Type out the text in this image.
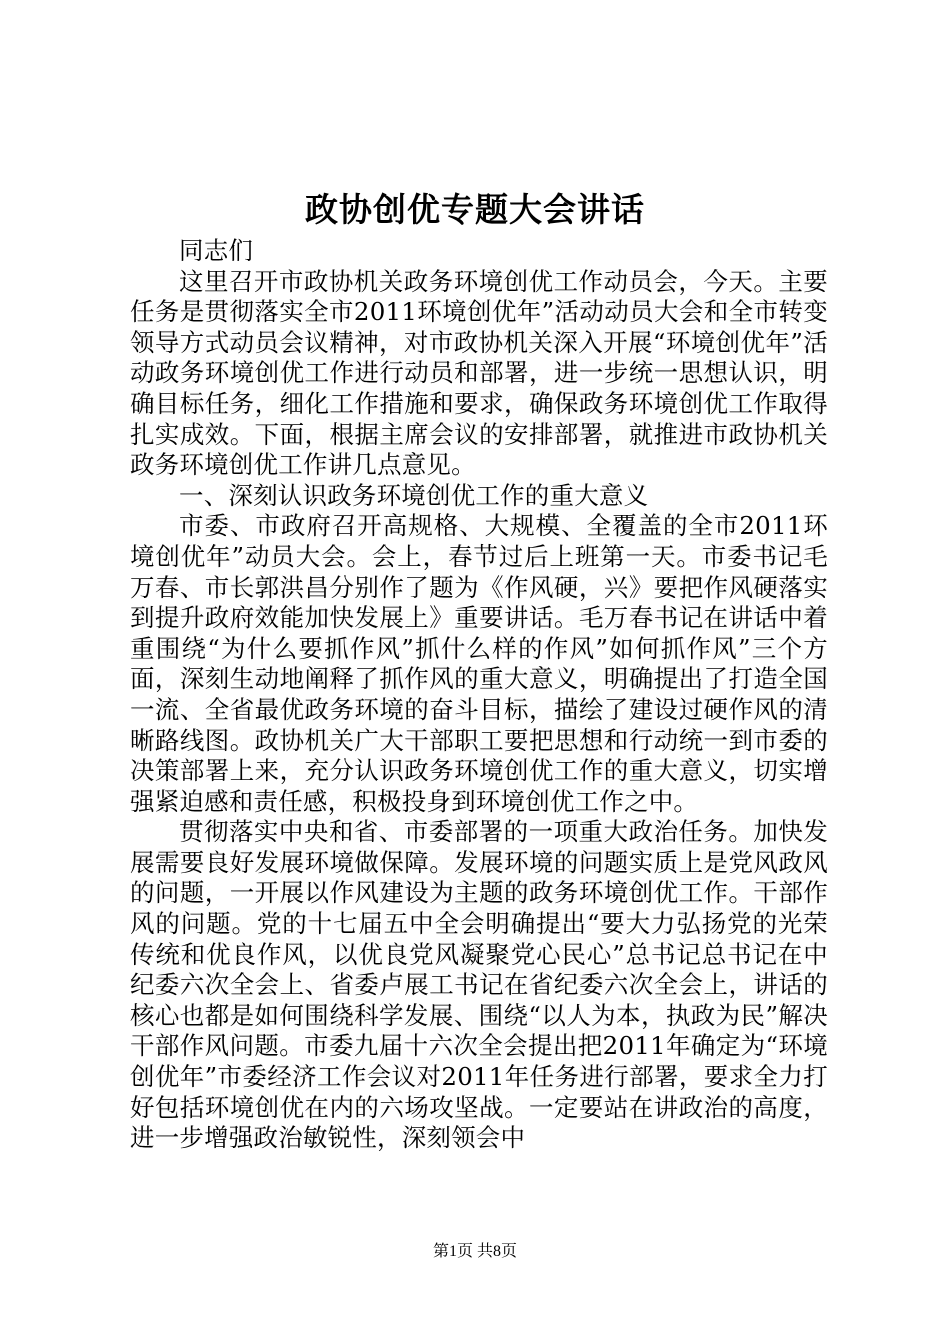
政协创优专题大会讲话

同志们

这里召开市政协机关政务环境创优工作动员会，今天。主要任务是贯彻落实全市2011环境创优年”活动动员大会和全市转变领导方式动员会议精神，对市政协机关深入开展“环境创优年”活动政务环境创优工作进行动员和部署，进一步统一思想认识，明确目标任务，细化工作措施和要求，确保政务环境创优工作取得扎实成效。下面，根据主席会议的安排部署，就推进市政协机关政务环境创优工作讲几点意见。

一、深刻认识政务环境创优工作的重大意义

市委、市政府召开高规格、大规模、全覆盖的全市2011环境创优年”动员大会。会上，春节过后上班第一天。市委书记毛万春、市长郭洪昌分别作了题为《作风硬，兴》要把作风硬落实到提升政府效能加快发展上》重要讲话。毛万春书记在讲话中着重围绕“为什么要抓作风”抓什么样的作风”如何抓作风”三个方面，深刻生动地阐释了抓作风的重大意义，明确提出了打造全国一流、全省最优政务环境的奋斗目标，描绘了建设过硬作风的清晰路线图。政协机关广大干部职工要把思想和行动统一到市委的决策部署上来，充分认识政务环境创优工作的重大意义，切实增强紧迫感和责任感，积极投身到环境创优工作之中。

贯彻落实中央和省、市委部署的一项重大政治任务。加快发展需要良好发展环境做保障。发展环境的问题实质上是党风政风的问题，一开展以作风建设为主题的政务环境创优工作。干部作风的问题。党的十七届五中全会明确提出“要大力弘扬党的光荣传统和优良作风，以优良党风凝聚党心民心”总书记总书记在中纪委六次全会上、省委卢展工书记在省纪委六次全会上，讲话的核心也都是如何围绕科学发展、围绕“以人为本，执政为民”解决干部作风问题。市委九届十六次全会提出把2011年确定为“环境创优年”市委经济工作会议对2011年任务进行部署，要求全力打好包括环境创优在内的六场攻坚战。一定要站在讲政治的高度，进一步增强政治敏锐性，深刻领会中

第1页 共8页
